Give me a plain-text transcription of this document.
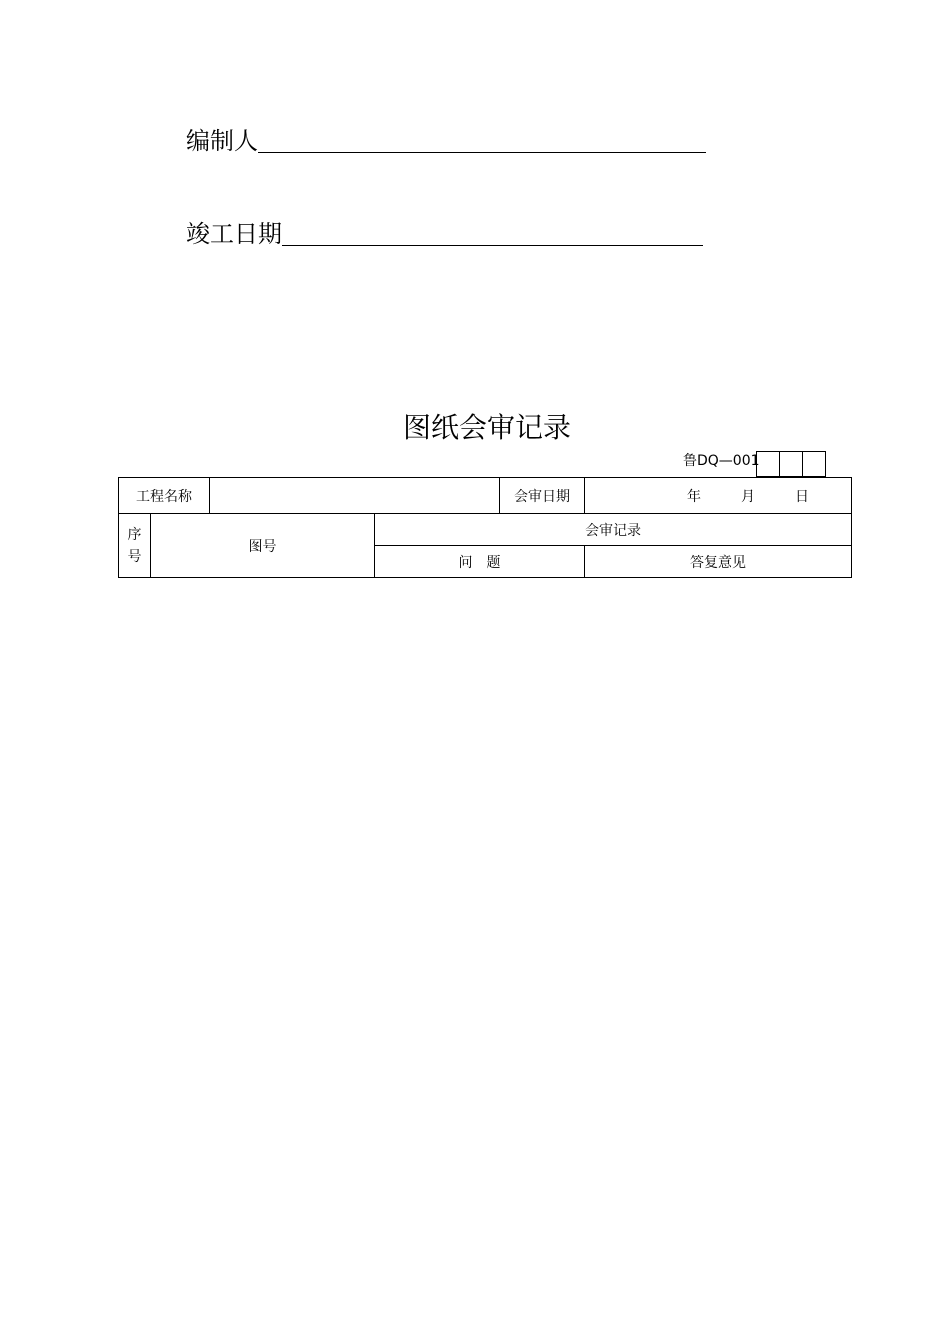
编制人
竣工日期
图纸会审记录
鲁DQ—001
工程名称				会审日期	年 月 日

序
号	图号		会审记录		
			问　题		答复意见
